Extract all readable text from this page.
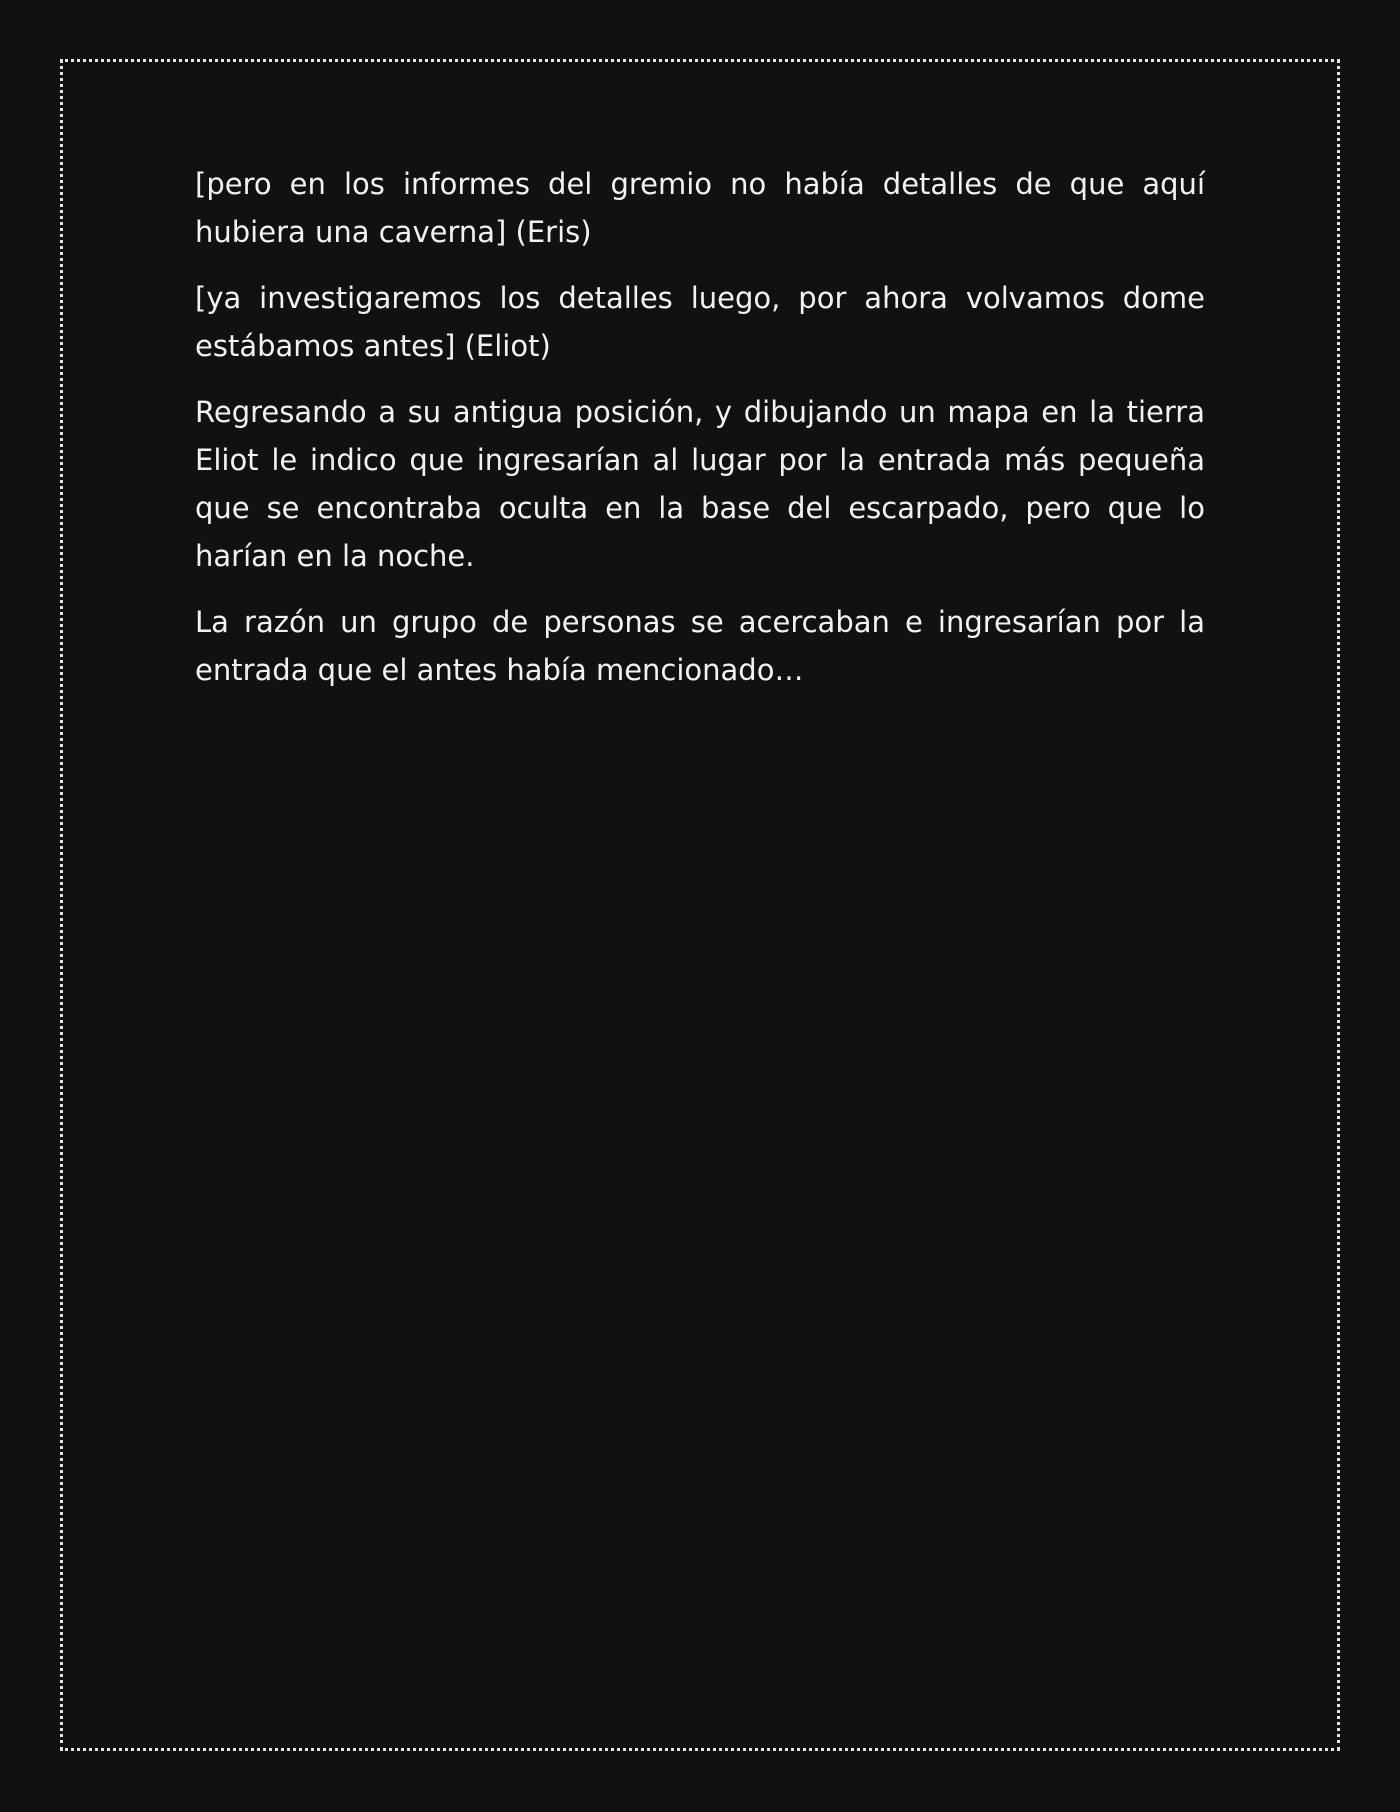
[pero en los informes del gremio no había detalles de que aquí hubiera una caverna] (Eris)

[ya investigaremos los detalles luego, por ahora volvamos dome estábamos antes] (Eliot)

Regresando a su antigua posición, y dibujando un mapa en la tierra Eliot le indico que ingresarían al lugar por la entrada más pequeña que se encontraba oculta en la base del escarpado, pero que lo harían en la noche.

La razón un grupo de personas se acercaban e ingresarían por la entrada que el antes había mencionado…
